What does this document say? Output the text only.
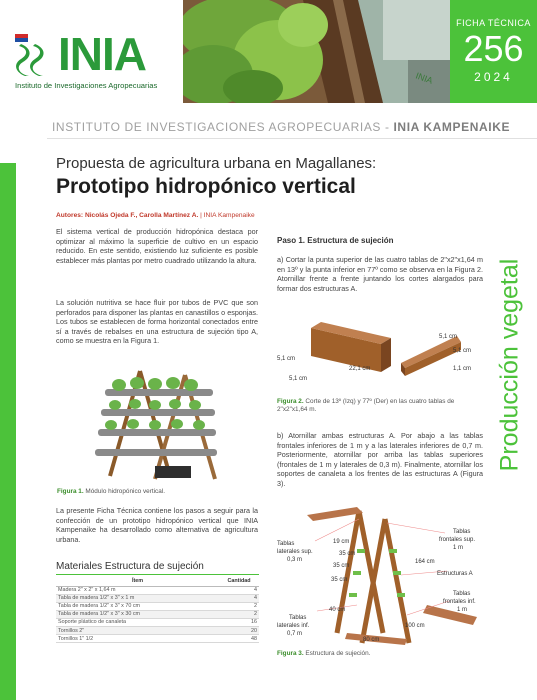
INIA
Instituto de Investigaciones Agropecuarias	INIA
FICHA TÉCNICA
256
2024
INSTITUTO DE INVESTIGACIONES AGROPECUARIAS - INIA KAMPENAIKE
Propuesta de agricultura urbana en Magallanes:
Prototipo hidropónico vertical
Autores: Nicolás Ojeda F., Carolla Martínez A. | INIA Kampenaike

El sistema vertical de producción hidropónica destaca por optimizar al máximo la superficie de cultivo en un espacio reducido. En este sentido, existiendo luz suficiente es posible establecer más plantas por metro cuadrado utilizando la altura.

La solución nutritiva se hace fluir por tubos de PVC que son perforados para disponer las plantas en canastillos o esponjas. Los tubos se establecen de forma horizontal conectados entre sí a través de rebalses en una estructura de sujeción tipo A, como se muestra en la Figura 1.

Figura 1. Módulo hidropónico vertical.

La presente Ficha Técnica contiene los pasos a seguir para la confección de un prototipo hidropónico vertical que INIA Kampenaike ha desarrollado como alternativa de agricultura urbana.

Materiales Estructura de sujeción
Ítem	Cantidad
Madera 2" x 2" x 1,64 m	4
Tabla de madera 1/2" x 3" x 1 m	4
Tabla de madera 1/2" x 3" x 70 cm	2
Tabla de madera 1/2" x 3" x 30 cm	2
Soporte plástico de canaleta	16
Tornillos 2"	20
Tornillos 1" 1/2	48
Paso 1. Estructura de sujeción

a) Cortar la punta superior de las cuatro tablas de 2"x2"x1,64 m en 13º y la punta inferior en 77º como se observa en la Figura 2. Atornillar frente a frente juntando los cortes alargados para formar dos estructuras A.

5,1 cm
22,1 cm
5,1 cm
5,1 cm
5,1 cm
1,1 cm
Figura 2. Corte de 13º (Izq) y 77º (Der) en las cuatro tablas de 2"x2"x1,64 m.

b) Atornillar ambas estructuras A. Por abajo a las tablas frontales inferiores de 1 m y a las laterales inferiores de 0,7 m. Posteriormente, atornillar por arriba las tablas superiores (frontales de 1 m y laterales de 0,3 m). Finalmente, atornillar los soportes de canaleta a los frentes de las estructuras A (Figura 3).

Tablas
laterales sup.
0,3 m
Tablas
frontales sup.
1 m
19 cm
35 cm
35 cm
35 cm
164 cm
Estructuras A
40 cm
100 cm
80 cm
Tablas
laterales inf.
0,7 m
Tablas
frontales inf.
1 m
Figura 3. Estructura de sujeción.
Producción vegetal
